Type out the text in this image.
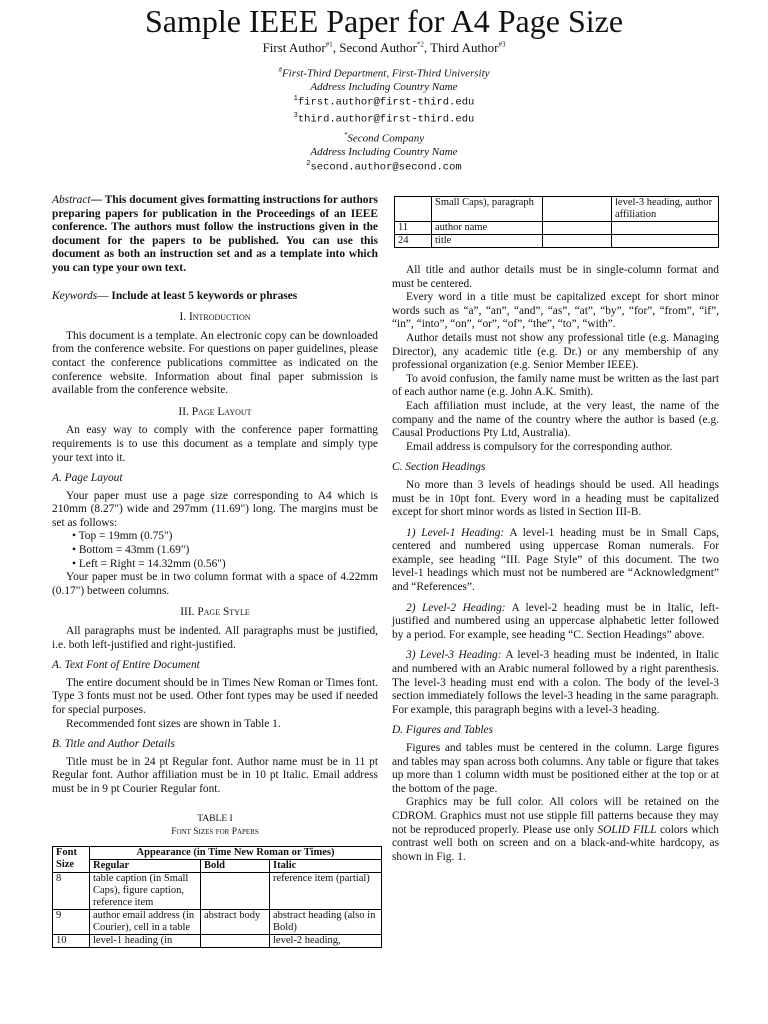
Sample IEEE Paper for A4 Page Size
First Author$^{\#1}$, Second Author$^{*2}$, Third Author$^{\#3}$
#First-Third Department, First-Third University
Address Including Country Name
$^1$first.author@first-third.edu
$^3$third.author@first-third.edu
*Second Company
Address Including Country Name
$^2$second.author@second.com

Abstract— This document gives formatting instructions for authors preparing papers for publication in the Proceedings of an IEEE conference. The authors must follow the instructions given in the document for the papers to be published. You can use this document as both an instruction set and as a template into which you can type your own text.

Keywords— Include at least 5 keywords or phrases

I. Introduction

This document is a template. An electronic copy can be downloaded from the conference website. For questions on paper guidelines, please contact the conference publications committee as indicated on the conference website. Information about final paper submission is available from the conference website.

II. Page Layout

An easy way to comply with the conference paper formatting requirements is to use this document as a template and simply type your text into it.

A. Page Layout

Your paper must use a page size corresponding to A4 which is 210mm (8.27") wide and 297mm (11.69") long. The margins must be set as follows:

• Top = 19mm (0.75")

• Bottom = 43mm (1.69")

• Left = Right = 14.32mm (0.56")

Your paper must be in two column format with a space of 4.22mm (0.17") between columns.

III. Page Style

All paragraphs must be indented. All paragraphs must be justified, i.e. both left-justified and right-justified.

A. Text Font of Entire Document

The entire document should be in Times New Roman or Times font. Type 3 fonts must not be used. Other font types may be used if needed for special purposes.

Recommended font sizes are shown in Table 1.

B. Title and Author Details

Title must be in 24 pt Regular font. Author name must be in 11 pt Regular font. Author affiliation must be in 10 pt Italic. Email address must be in 9 pt Courier Regular font.

TABLE I

Font Sizes for Papers

Font Size	Appearance (in Time New Roman or Times)		
	Regular	Bold	Italic
8	table caption (in Small Caps), figure caption, reference item		reference item (partial)
9	author email address (in Courier), cell in a table	abstract body	abstract heading (also in Bold)
10	level-1 heading (in		level-2 heading,
	Small Caps), paragraph		level-3 heading, author affiliation
11	author name		
24	title		

All title and author details must be in single-column format and must be centered.

Every word in a title must be capitalized except for short minor words such as “a”, “an”, “and”, “as”, “at”, “by”, “for”, “from”, “if”, “in”, “into”, “on”, “or”, “of”, “the”, “to”, “with”.

Author details must not show any professional title (e.g. Managing Director), any academic title (e.g. Dr.) or any membership of any professional organization (e.g. Senior Member IEEE).

To avoid confusion, the family name must be written as the last part of each author name (e.g. John A.K. Smith).

Each affiliation must include, at the very least, the name of the company and the name of the country where the author is based (e.g. Causal Productions Pty Ltd, Australia).

Email address is compulsory for the corresponding author.

C. Section Headings

No more than 3 levels of headings should be used. All headings must be in 10pt font. Every word in a heading must be capitalized except for short minor words as listed in Section III-B.

1) Level-1 Heading: A level-1 heading must be in Small Caps, centered and numbered using uppercase Roman numerals. For example, see heading “III. Page Style” of this document. The two level-1 headings which must not be numbered are “Acknowledgment” and “References”.

2) Level-2 Heading: A level-2 heading must be in Italic, left-justified and numbered using an uppercase alphabetic letter followed by a period. For example, see heading “C. Section Headings” above.

3) Level-3 Heading: A level-3 heading must be indented, in Italic and numbered with an Arabic numeral followed by a right parenthesis. The level-3 heading must end with a colon. The body of the level-3 section immediately follows the level-3 heading in the same paragraph. For example, this paragraph begins with a level-3 heading.

D. Figures and Tables

Figures and tables must be centered in the column. Large figures and tables may span across both columns. Any table or figure that takes up more than 1 column width must be positioned either at the top or at the bottom of the page.

Graphics may be full color. All colors will be retained on the CDROM. Graphics must not use stipple fill patterns because they may not be reproduced properly. Please use only SOLID FILL colors which contrast well both on screen and on a black-and-white hardcopy, as shown in Fig. 1.
